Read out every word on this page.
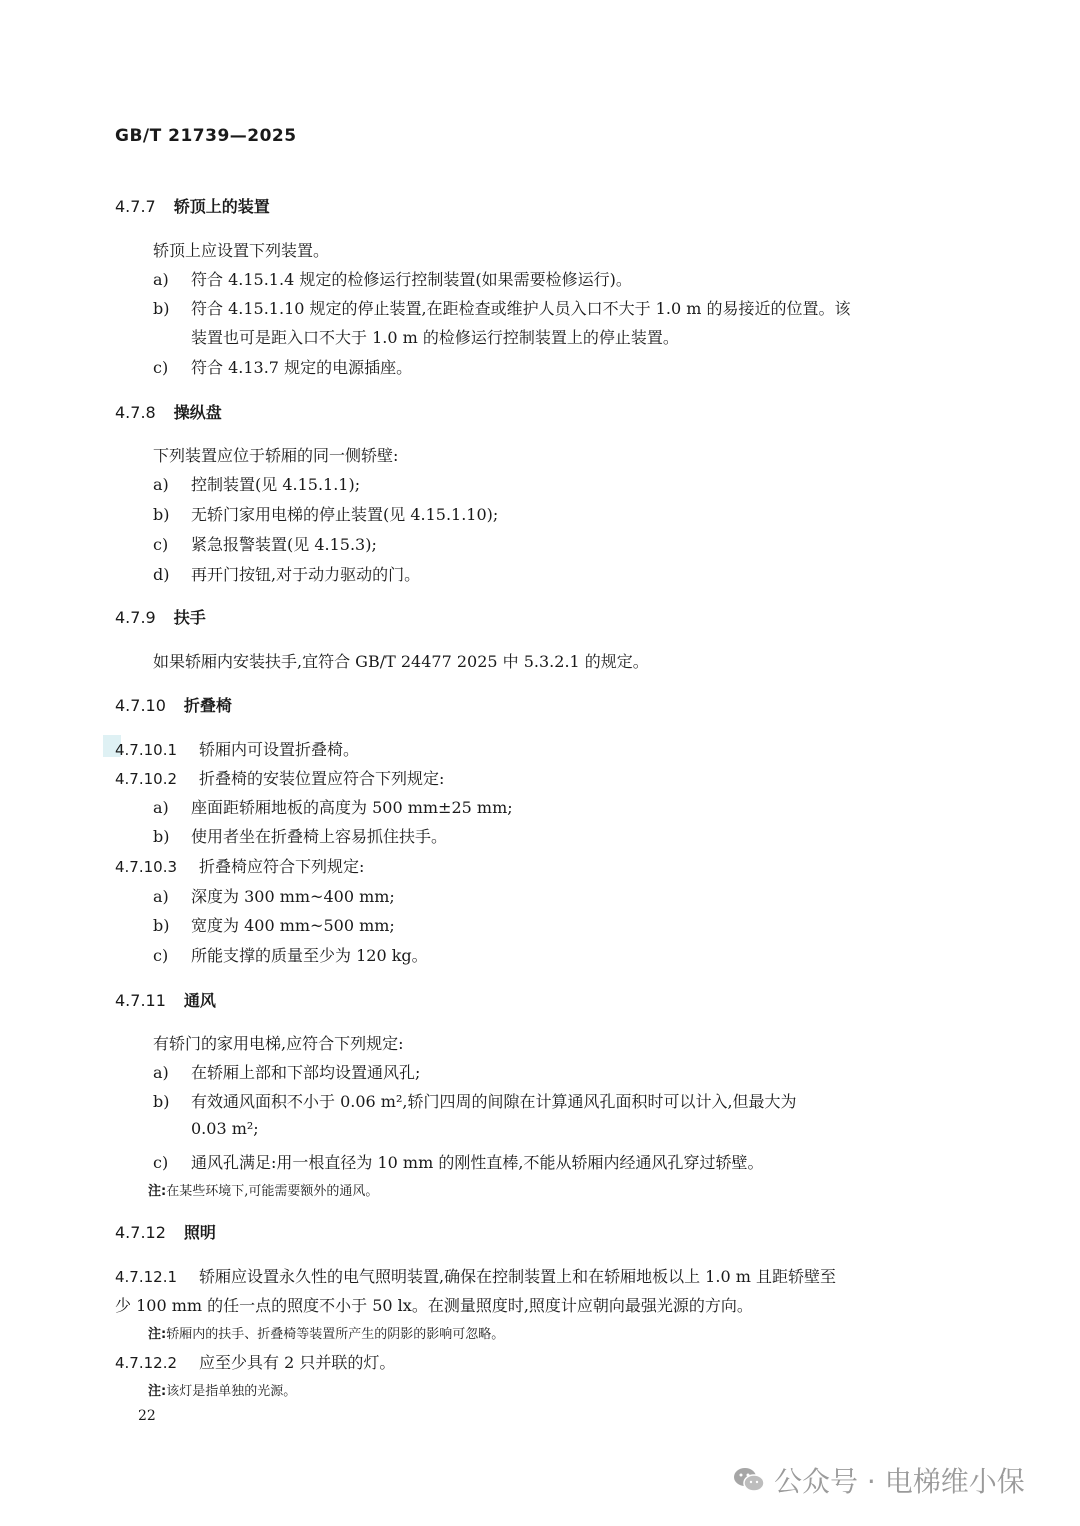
GB/T 21739—2025
4.7.7 轿顶上的装置
轿顶上应设置下列装置。
a) 符合 4.15.1.4 规定的检修运行控制装置(如果需要检修运行)。
b) 符合 4.15.1.10 规定的停止装置,在距检查或维护人员入口不大于 1.0 m 的易接近的位置。该
装置也可是距入口不大于 1.0 m 的检修运行控制装置上的停止装置。
c) 符合 4.13.7 规定的电源插座。
4.7.8 操纵盘
下列装置应位于轿厢的同一侧轿壁:
a) 控制装置(见 4.15.1.1);
b) 无轿门家用电梯的停止装置(见 4.15.1.10);
c) 紧急报警装置(见 4.15.3);
d) 再开门按钮,对于动力驱动的门。
4.7.9 扶手
如果轿厢内安装扶手,宜符合 GB/T 24477 2025 中 5.3.2.1 的规定。
4.7.10 折叠椅
4.7.10.1 轿厢内可设置折叠椅。
4.7.10.2 折叠椅的安装位置应符合下列规定:
a) 座面距轿厢地板的高度为 500 mm±25 mm;
b) 使用者坐在折叠椅上容易抓住扶手。
4.7.10.3 折叠椅应符合下列规定:
a) 深度为 300 mm~400 mm;
b) 宽度为 400 mm~500 mm;
c) 所能支撑的质量至少为 120 kg。
4.7.11 通风
有轿门的家用电梯,应符合下列规定:
a) 在轿厢上部和下部均设置通风孔;
b) 有效通风面积不小于 0.06 m²,轿门四周的间隙在计算通风孔面积时可以计入,但最大为
0.03 m²;
c) 通风孔满足:用一根直径为 10 mm 的刚性直棒,不能从轿厢内经通风孔穿过轿壁。
注:在某些环境下,可能需要额外的通风。
4.7.12 照明
4.7.12.1 轿厢应设置永久性的电气照明装置,确保在控制装置上和在轿厢地板以上 1.0 m 且距轿壁至
少 100 mm 的任一点的照度不小于 50 lx。在测量照度时,照度计应朝向最强光源的方向。
注:轿厢内的扶手、折叠椅等装置所产生的阴影的影响可忽略。
4.7.12.2 应至少具有 2 只并联的灯。
注:该灯是指单独的光源。
22
公众号 · 电梯维小保
